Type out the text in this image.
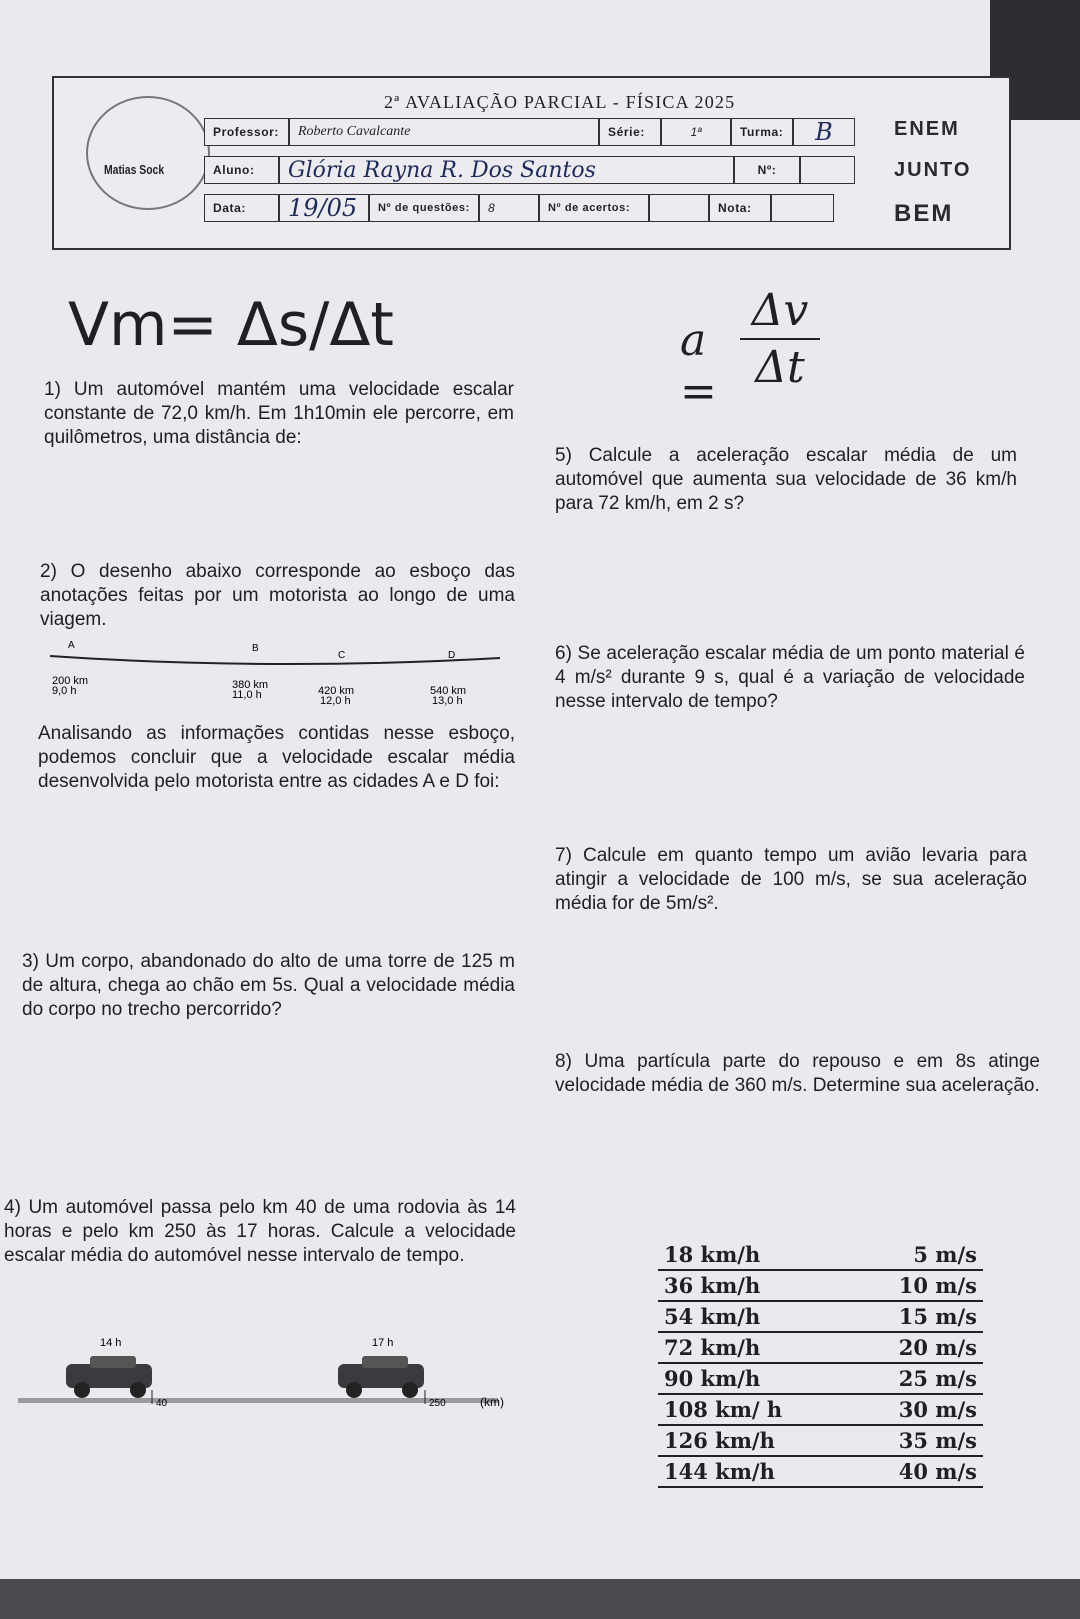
2ª AVALIAÇÃO PARCIAL - FÍSICA 2025
Matias Sock
Professor:	Roberto Cavalcante	Série:	1ª	Turma:	B
Aluno:	Glória Rayna R. Dos Santos	Nº:
Data:	19/05	Nº de questões:	8	Nº de acertos:	Nota:
ENEM
JUNTO
BEM
Vm= Δs/Δt	a =
Δv
Δt
1) Um automóvel mantém uma velocidade escalar constante de 72,0 km/h. Em 1h10min ele percorre, em quilômetros, uma distância de:
2) O desenho abaixo corresponde ao esboço das anotações feitas por um motorista ao longo de uma viagem.
A	B
C	D
200 km
9,0 h	380 km
11,0 h	420 km
12,0 h
540 km
13,0 h
Analisando as informações contidas nesse esboço, podemos concluir que a velocidade escalar média desenvolvida pelo motorista entre as cidades A e D foi:
3) Um corpo, abandonado do alto de uma torre de 125 m de altura, chega ao chão em 5s. Qual a velocidade média do corpo no trecho percorrido?
4) Um automóvel passa pelo km 40 de uma rodovia às 14 horas e pelo km 250 às 17 horas. Calcule a velocidade escalar média do automóvel nesse intervalo de tempo.
14 h	17 h
40	250	(km)
5) Calcule a aceleração escalar média de um automóvel que aumenta sua velocidade de 36 km/h para 72 km/h, em 2 s?
6) Se aceleração escalar média de um ponto material é 4 m/s² durante 9 s, qual é a variação de velocidade nesse intervalo de tempo?
7) Calcule em quanto tempo um avião levaria para atingir a velocidade de 100 m/s, se sua aceleração média for de 5m/s².
8) Uma partícula parte do repouso e em 8s atinge velocidade média de 360 m/s. Determine sua aceleração.
18 km/h	5 m/s
36 km/h	10 m/s
54 km/h	15 m/s
72 km/h	20 m/s
90 km/h	25 m/s
108 km/ h	30 m/s
126 km/h	35 m/s
144 km/h	40 m/s
